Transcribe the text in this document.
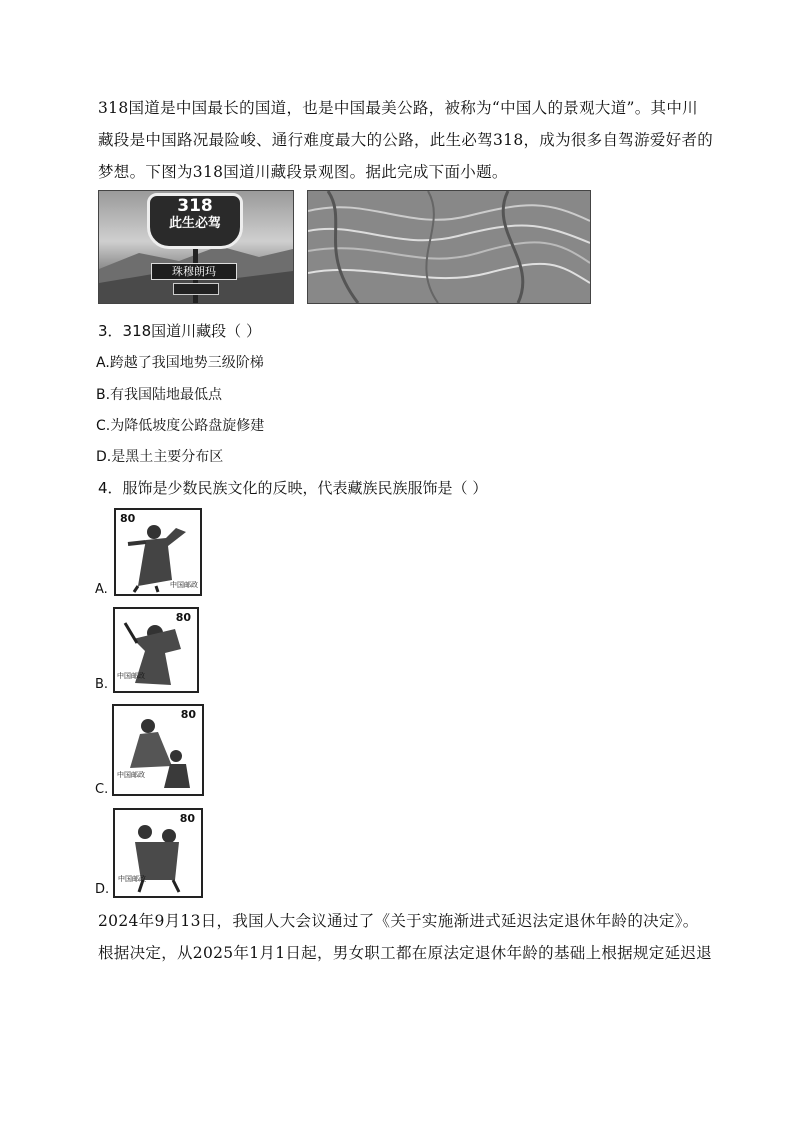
318国道是中国最长的国道，也是中国最美公路，被称为“中国人的景观大道”。其中川
藏段是中国路况最险峻、通行难度最大的公路，此生必驾318，成为很多自驾游爱好者的
梦想。下图为318国道川藏段景观图。据此完成下面小题。
318
此生必驾
珠穆朗玛
3．318国道川藏段（ ）
A.跨越了我国地势三级阶梯
B.有我国陆地最低点
C.为降低坡度公路盘旋修建
D.是黑土主要分布区
4．服饰是少数民族文化的反映，代表藏族民族服饰是（ ）
80
中国邮政
A.
80
中国邮政
B.
80
中国邮政
C.
80
中国邮政
D.
2024年9月13日，我国人大会议通过了《关于实施渐进式延迟法定退休年龄的决定》。
根据决定，从2025年1月1日起，男女职工都在原法定退休年龄的基础上根据规定延迟退
